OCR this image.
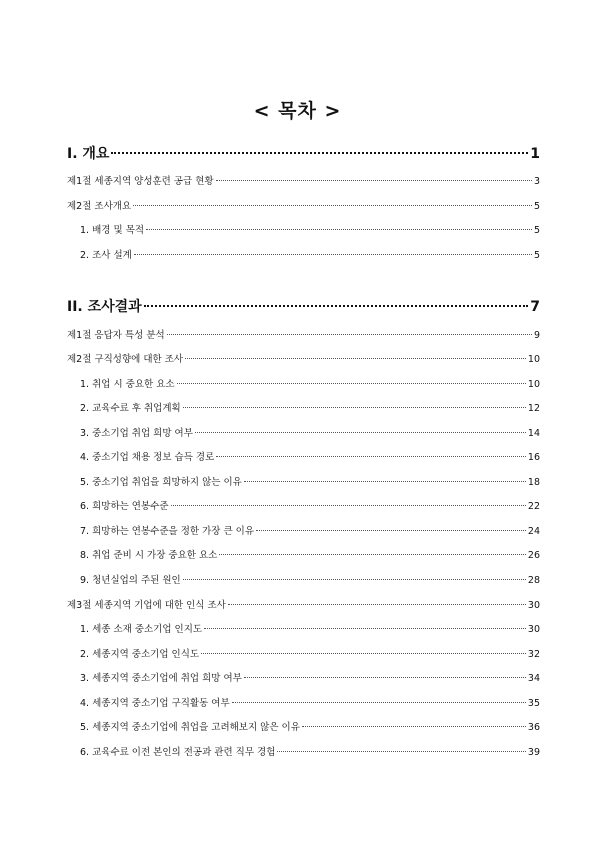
< 목차 >
I. 개요	1
제1절 세종지역 양성훈련 공급 현황	3
제2절 조사개요	5
1. 배경 및 목적	5
2. 조사 설계	5
II. 조사결과	7
제1절 응답자 특성 분석	9
제2절 구직성향에 대한 조사	10
1. 취업 시 중요한 요소	10
2. 교육수료 후 취업계획	12
3. 중소기업 취업 희망 여부	14
4. 중소기업 채용 정보 습득 경로	16
5. 중소기업 취업을 희망하지 않는 이유	18
6. 희망하는 연봉수준	22
7. 희망하는 연봉수준을 정한 가장 큰 이유	24
8. 취업 준비 시 가장 중요한 요소	26
9. 청년실업의 주된 원인	28
제3절 세종지역 기업에 대한 인식 조사	30
1. 세종 소재 중소기업 인지도	30
2. 세종지역 중소기업 인식도	32
3. 세종지역 중소기업에 취업 희망 여부	34
4. 세종지역 중소기업 구직활동 여부	35
5. 세종지역 중소기업에 취업을 고려해보지 않은 이유	36
6. 교육수료 이전 본인의 전공과 관련 직무 경험	39
